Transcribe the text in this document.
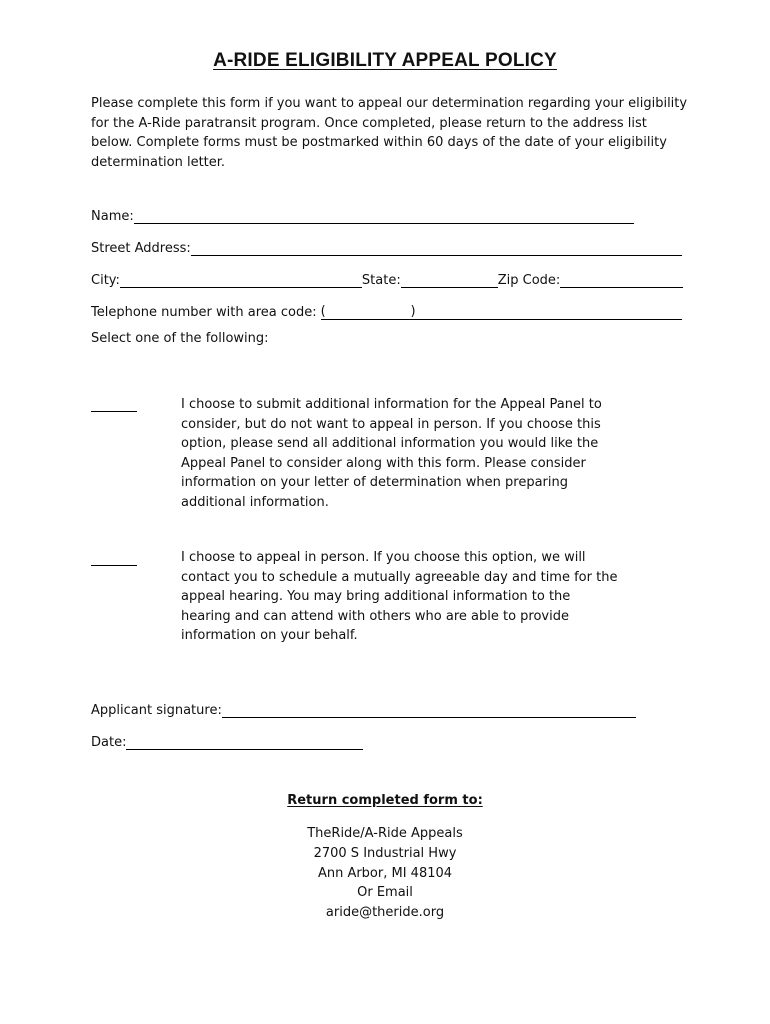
A-RIDE ELIGIBILITY APPEAL POLICY
Please complete this form if you want to appeal our determination regarding your eligibility for the A-Ride paratransit program. Once completed, please return to the address list below. Complete forms must be postmarked within 60 days of the date of your eligibility determination letter.
Name:
Street Address:
City:	State:	Zip Code:
Telephone number with area code: (	)
Select one of the following:
I choose to submit additional information for the Appeal Panel to consider, but do not want to appeal in person. If you choose this option, please send all additional information you would like the Appeal Panel to consider along with this form. Please consider information on your letter of determination when preparing additional information.
I choose to appeal in person. If you choose this option, we will contact you to schedule a mutually agreeable day and time for the appeal hearing. You may bring additional information to the hearing and can attend with others who are able to provide information on your behalf.
Applicant signature:
Date:
Return completed form to:
TheRide/A-Ride Appeals
2700 S Industrial Hwy
Ann Arbor, MI 48104
Or Email
aride@theride.org
